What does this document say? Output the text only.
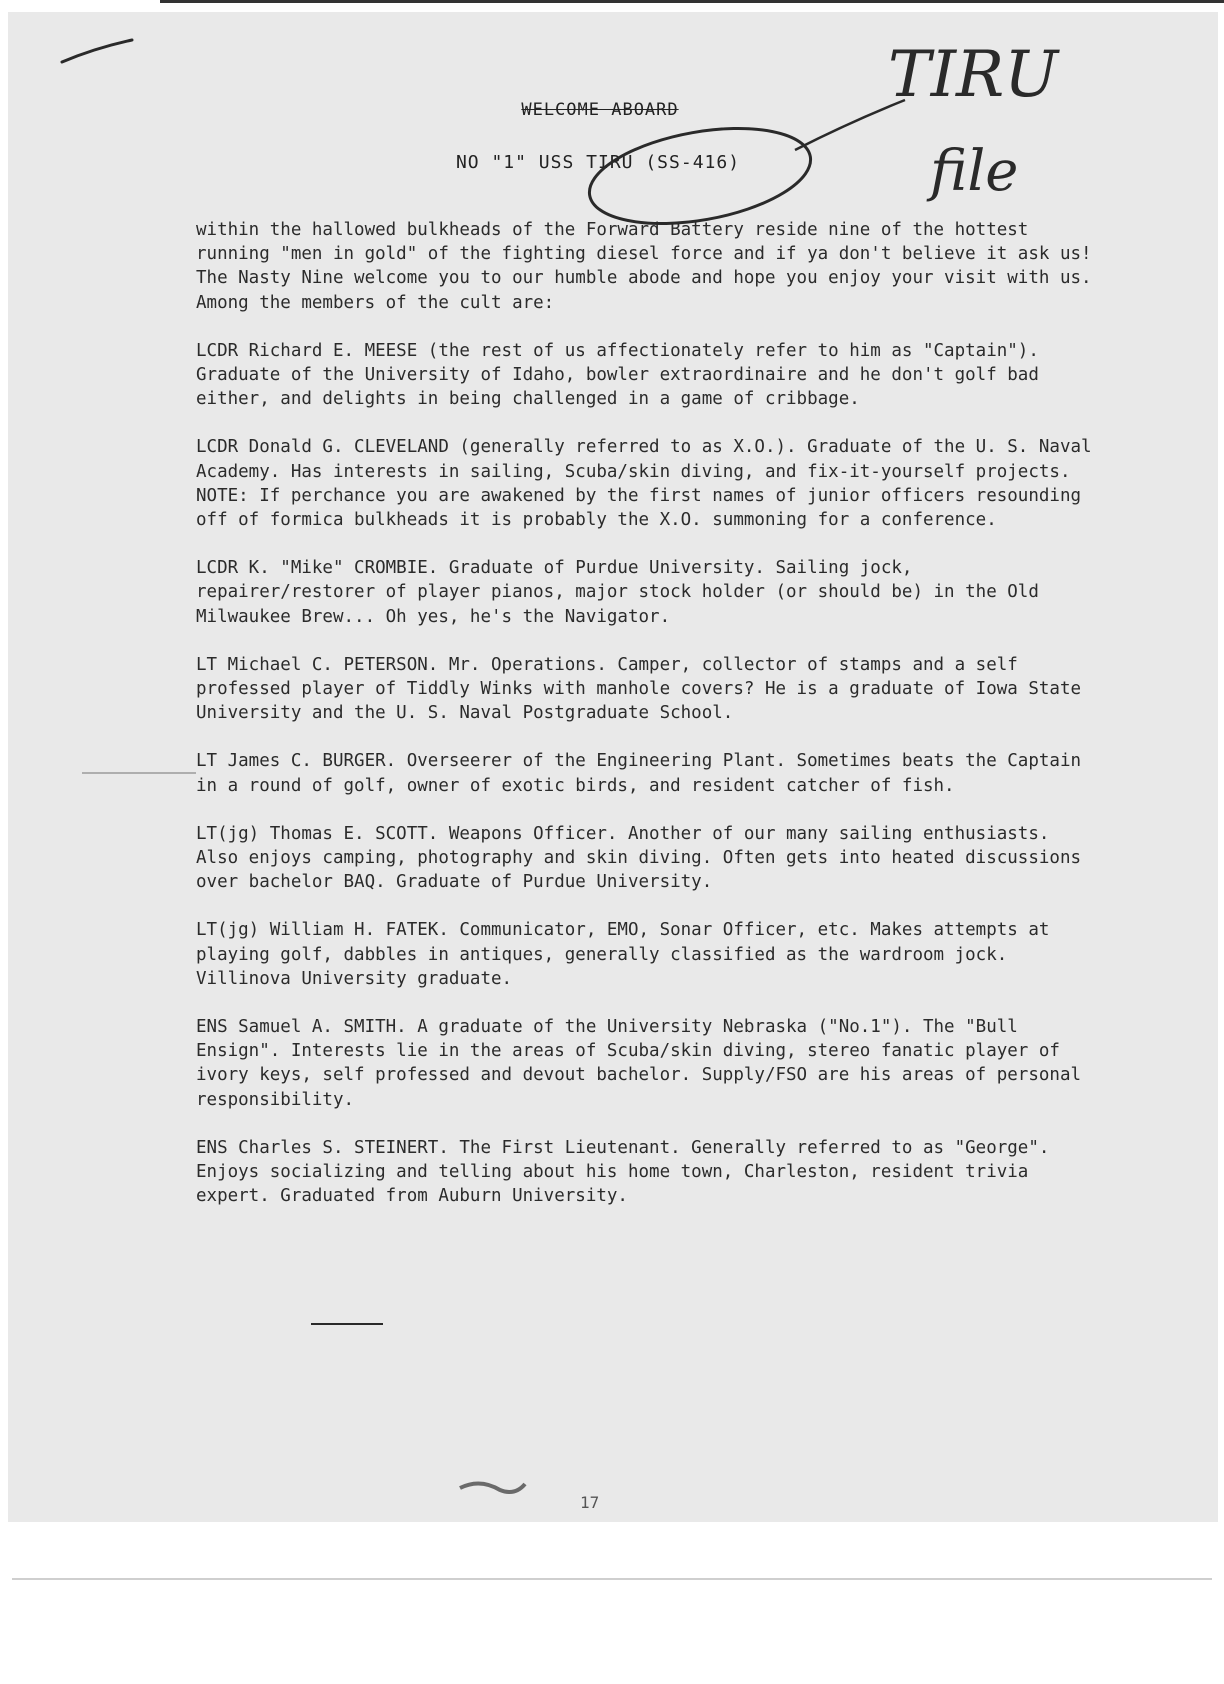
WELCOME ABOARD
NO "1" USS TIRU (SS-416)

within the hallowed bulkheads of the Forward Battery reside nine of the hottest running "men in gold" of the fighting diesel force and if ya don't believe it ask us! The Nasty Nine welcome you to our humble abode and hope you enjoy your visit with us. Among the members of the cult are:

LCDR Richard E. MEESE (the rest of us affectionately refer to him as "Captain"). Graduate of the University of Idaho, bowler extraordinaire and he don't golf bad either, and delights in being challenged in a game of cribbage.

LCDR Donald G. CLEVELAND (generally referred to as X.O.). Graduate of the U. S. Naval Academy. Has interests in sailing, Scuba/skin diving, and fix-it-yourself projects. NOTE: If perchance you are awakened by the first names of junior officers resounding off of formica bulkheads it is probably the X.O. summoning for a conference.

LCDR K. "Mike" CROMBIE. Graduate of Purdue University. Sailing jock, repairer/restorer of player pianos, major stock holder (or should be) in the Old Milwaukee Brew... Oh yes, he's the Navigator.

LT Michael C. PETERSON. Mr. Operations. Camper, collector of stamps and a self professed player of Tiddly Winks with manhole covers? He is a graduate of Iowa State University and the U. S. Naval Postgraduate School.

LT James C. BURGER. Overseerer of the Engineering Plant. Sometimes beats the Captain in a round of golf, owner of exotic birds, and resident catcher of fish.

LT(jg) Thomas E. SCOTT. Weapons Officer. Another of our many sailing enthusiasts. Also enjoys camping, photography and skin diving. Often gets into heated discussions over bachelor BAQ. Graduate of Purdue University.

LT(jg) William H. FATEK. Communicator, EMO, Sonar Officer, etc. Makes attempts at playing golf, dabbles in antiques, generally classified as the wardroom jock. Villinova University graduate.

ENS Samuel A. SMITH. A graduate of the University Nebraska ("No.1"). The "Bull Ensign". Interests lie in the areas of Scuba/skin diving, stereo fanatic player of ivory keys, self professed and devout bachelor. Supply/FSO are his areas of personal responsibility.

ENS Charles S. STEINERT. The First Lieutenant. Generally referred to as "George". Enjoys socializing and telling about his home town, Charleston, resident trivia expert. Graduated from Auburn University.

TIRU
file
17
